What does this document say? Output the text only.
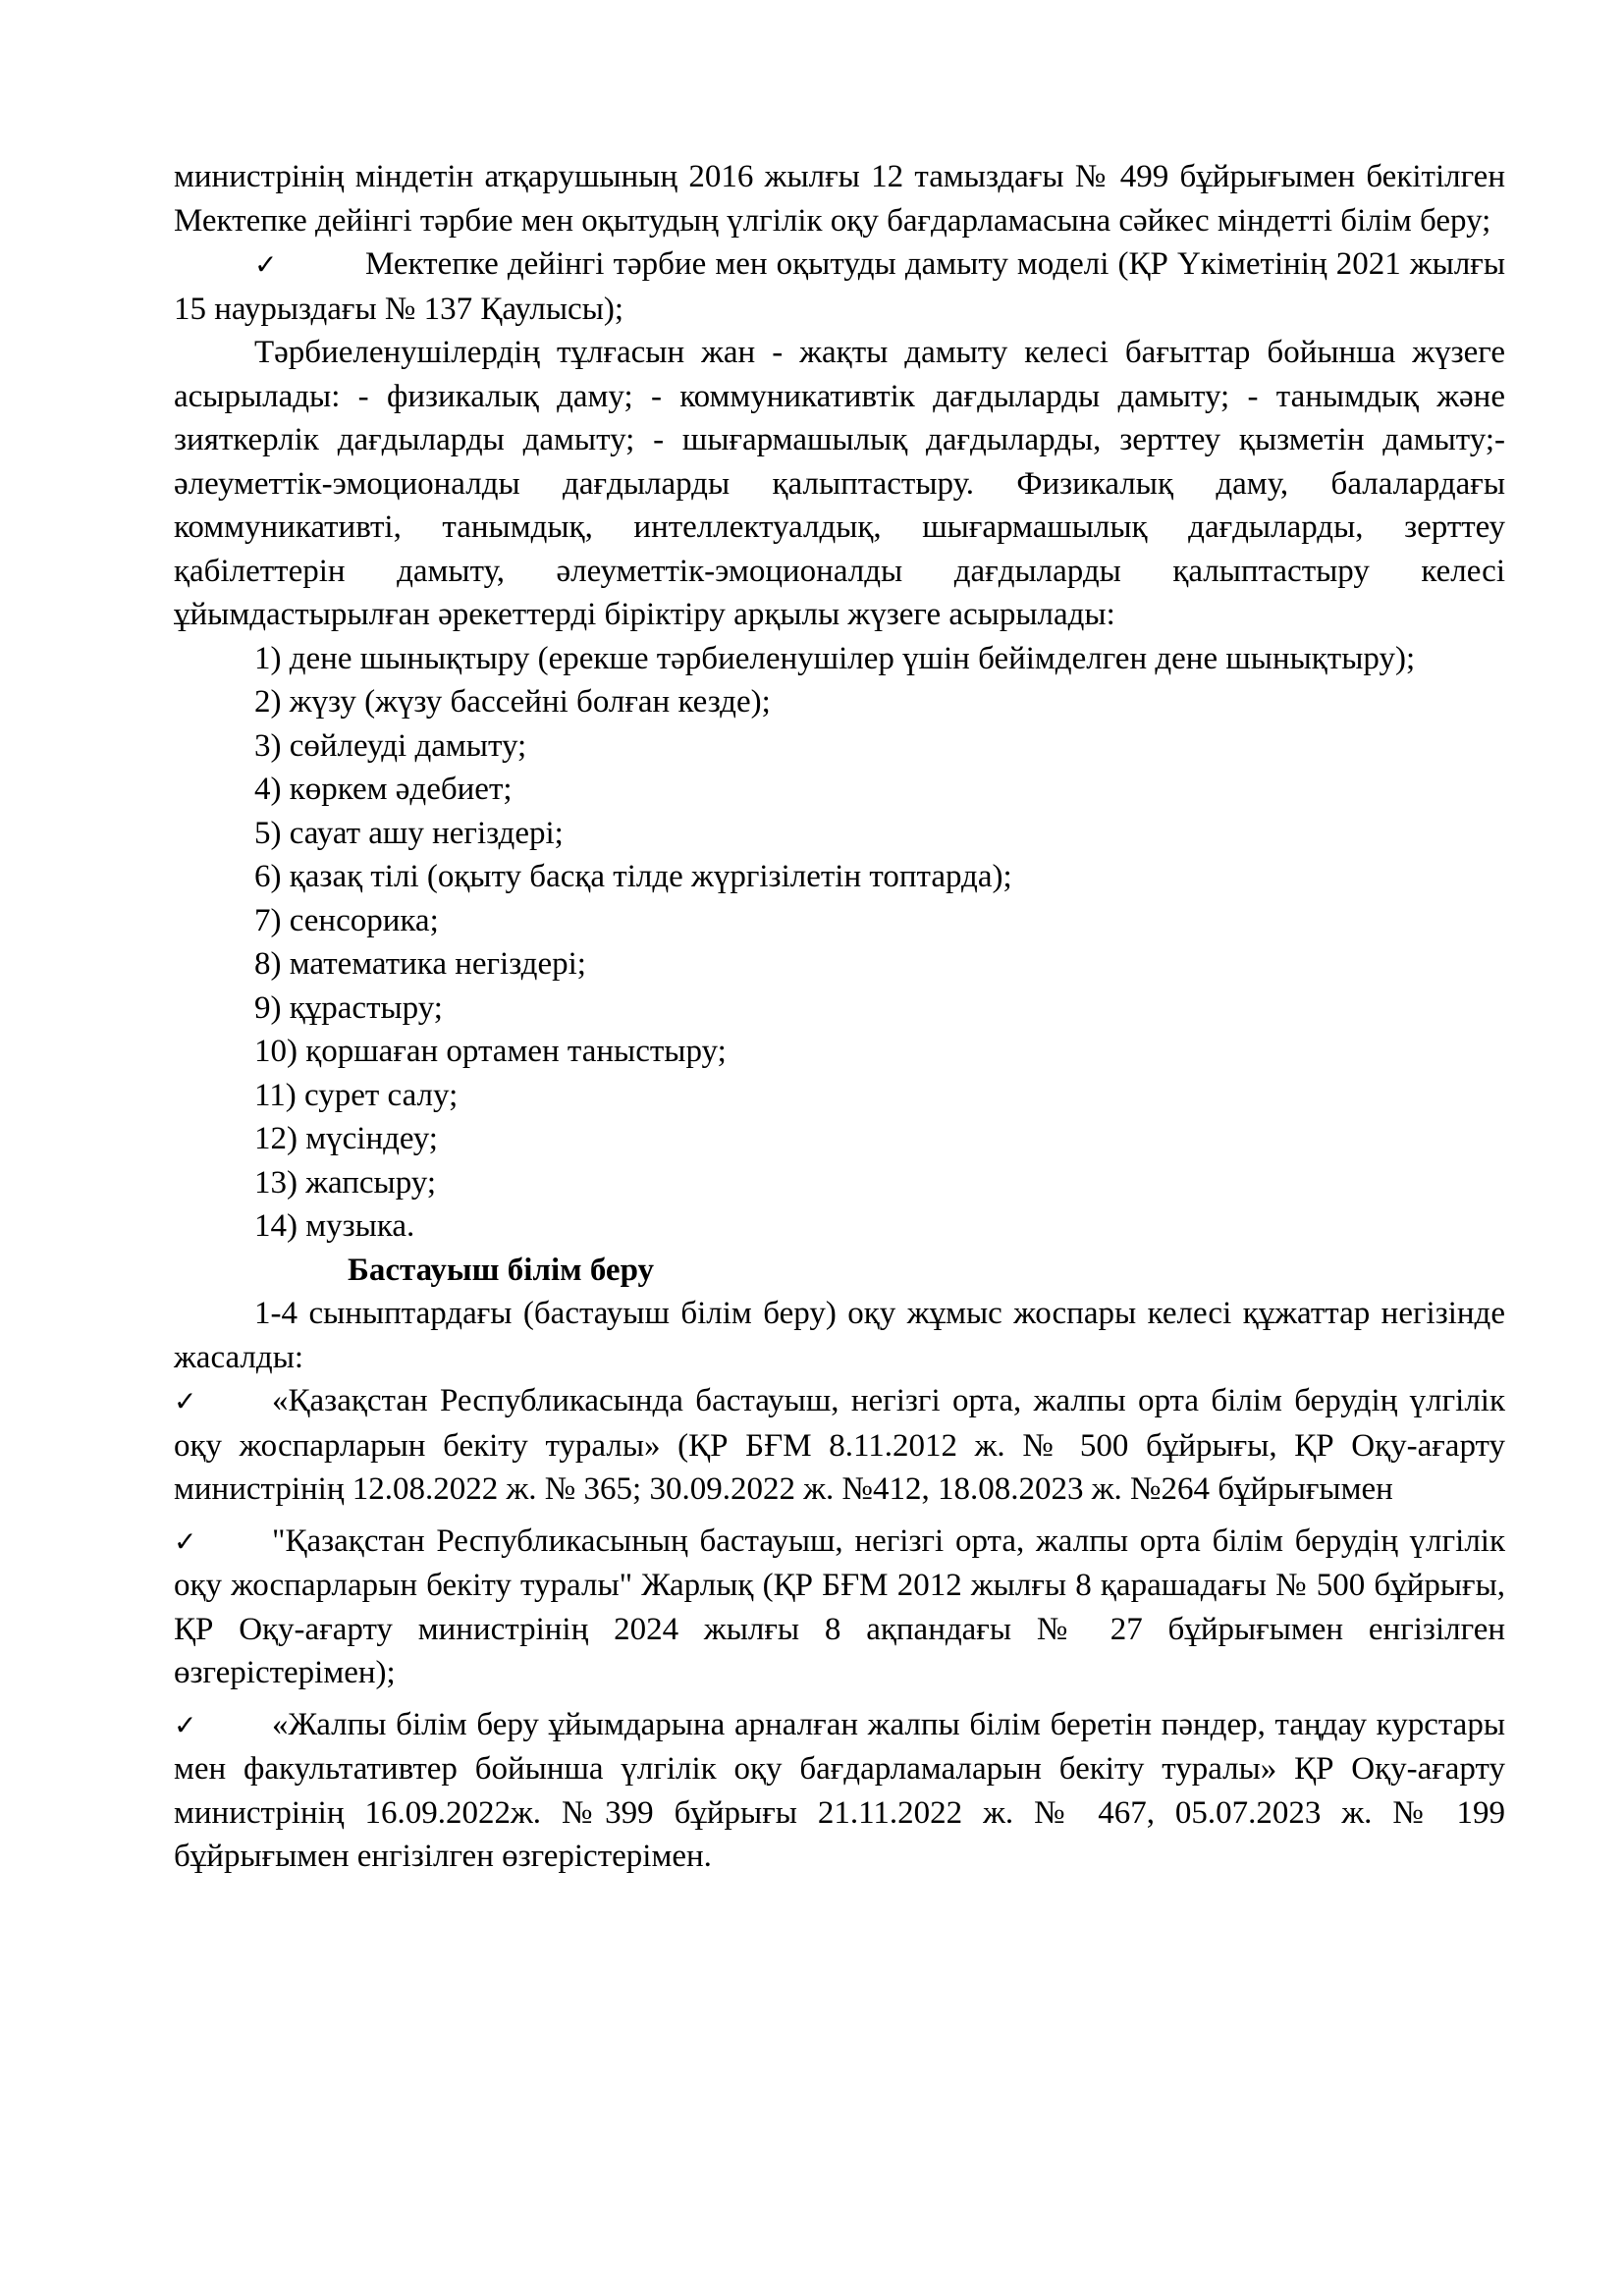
министрінің міндетін атқарушының 2016 жылғы 12 тамыздағы № 499 бұйрығымен бекітілген Мектепке дейінгі тәрбие мен оқытудың үлгілік оқу бағдарламасына сәйкес міндетті білім беру;

✓	Мектепке дейінгі тәрбие мен оқытуды дамыту моделі (ҚР Үкіметінің 2021 жылғы 15 наурыздағы № 137 Қаулысы);

Тәрбиеленушілердің тұлғасын жан - жақты дамыту келесі бағыттар бойынша жүзеге асырылады: - физикалық даму; - коммуникативтік дағдыларды дамыту; - танымдық және зияткерлік дағдыларды дамыту; - шығармашылық дағдыларды, зерттеу қызметін дамыту;-әлеуметтік-эмоционалды дағдыларды қалыптастыру. Физикалық даму, балалардағы коммуникативті, танымдық, интеллектуалдық, шығармашылық дағдыларды, зерттеу қабілеттерін дамыту, әлеуметтік-эмоционалды дағдыларды қалыптастыру келесі ұйымдастырылған әрекеттерді біріктіру арқылы жүзеге асырылады:

1) дене шынықтыру (ерекше тәрбиеленушілер үшін бейімделген дене шынықтыру);

2) жүзу (жүзу бассейні болған кезде);

3) сөйлеуді дамыту;

4) көркем әдебиет;

5) сауат ашу негіздері;

6) қазақ тілі (оқыту басқа тілде жүргізілетін топтарда);

7) сенсорика;

8) математика негіздері;

9) құрастыру;

10) қоршаған ортамен таныстыру;

11) сурет салу;

12) мүсіндеу;

13) жапсыру;

14) музыка.

Бастауыш білім беру

1-4 сыныптардағы (бастауыш білім беру) оқу жұмыс жоспары келесі құжаттар негізінде жасалды:

✓ «Қазақстан Республикасында бастауыш, негізгі орта, жалпы орта білім берудің үлгілік оқу жоспарларын бекіту туралы» (ҚР БҒМ 8.11.2012 ж. № 500 бұйрығы, ҚР Оқу-ағарту министрінің 12.08.2022 ж. № 365; 30.09.2022 ж. №412, 18.08.2023 ж. №264 бұйрығымен

✓ "Қазақстан Республикасының бастауыш, негізгі орта, жалпы орта білім берудің үлгілік оқу жоспарларын бекіту туралы" Жарлық (ҚР БҒМ 2012 жылғы 8 қарашадағы № 500 бұйрығы, ҚР Оқу-ағарту министрінің 2024 жылғы 8 ақпандағы № 27 бұйрығымен енгізілген өзгерістерімен);

✓ «Жалпы білім беру ұйымдарына арналған жалпы білім беретін пәндер, таңдау курстары мен факультативтер бойынша үлгілік оқу бағдарламаларын бекіту туралы» ҚР Оқу-ағарту министрінің 16.09.2022ж. №399 бұйрығы 21.11.2022 ж. № 467, 05.07.2023 ж. № 199 бұйрығымен енгізілген өзгерістерімен.
